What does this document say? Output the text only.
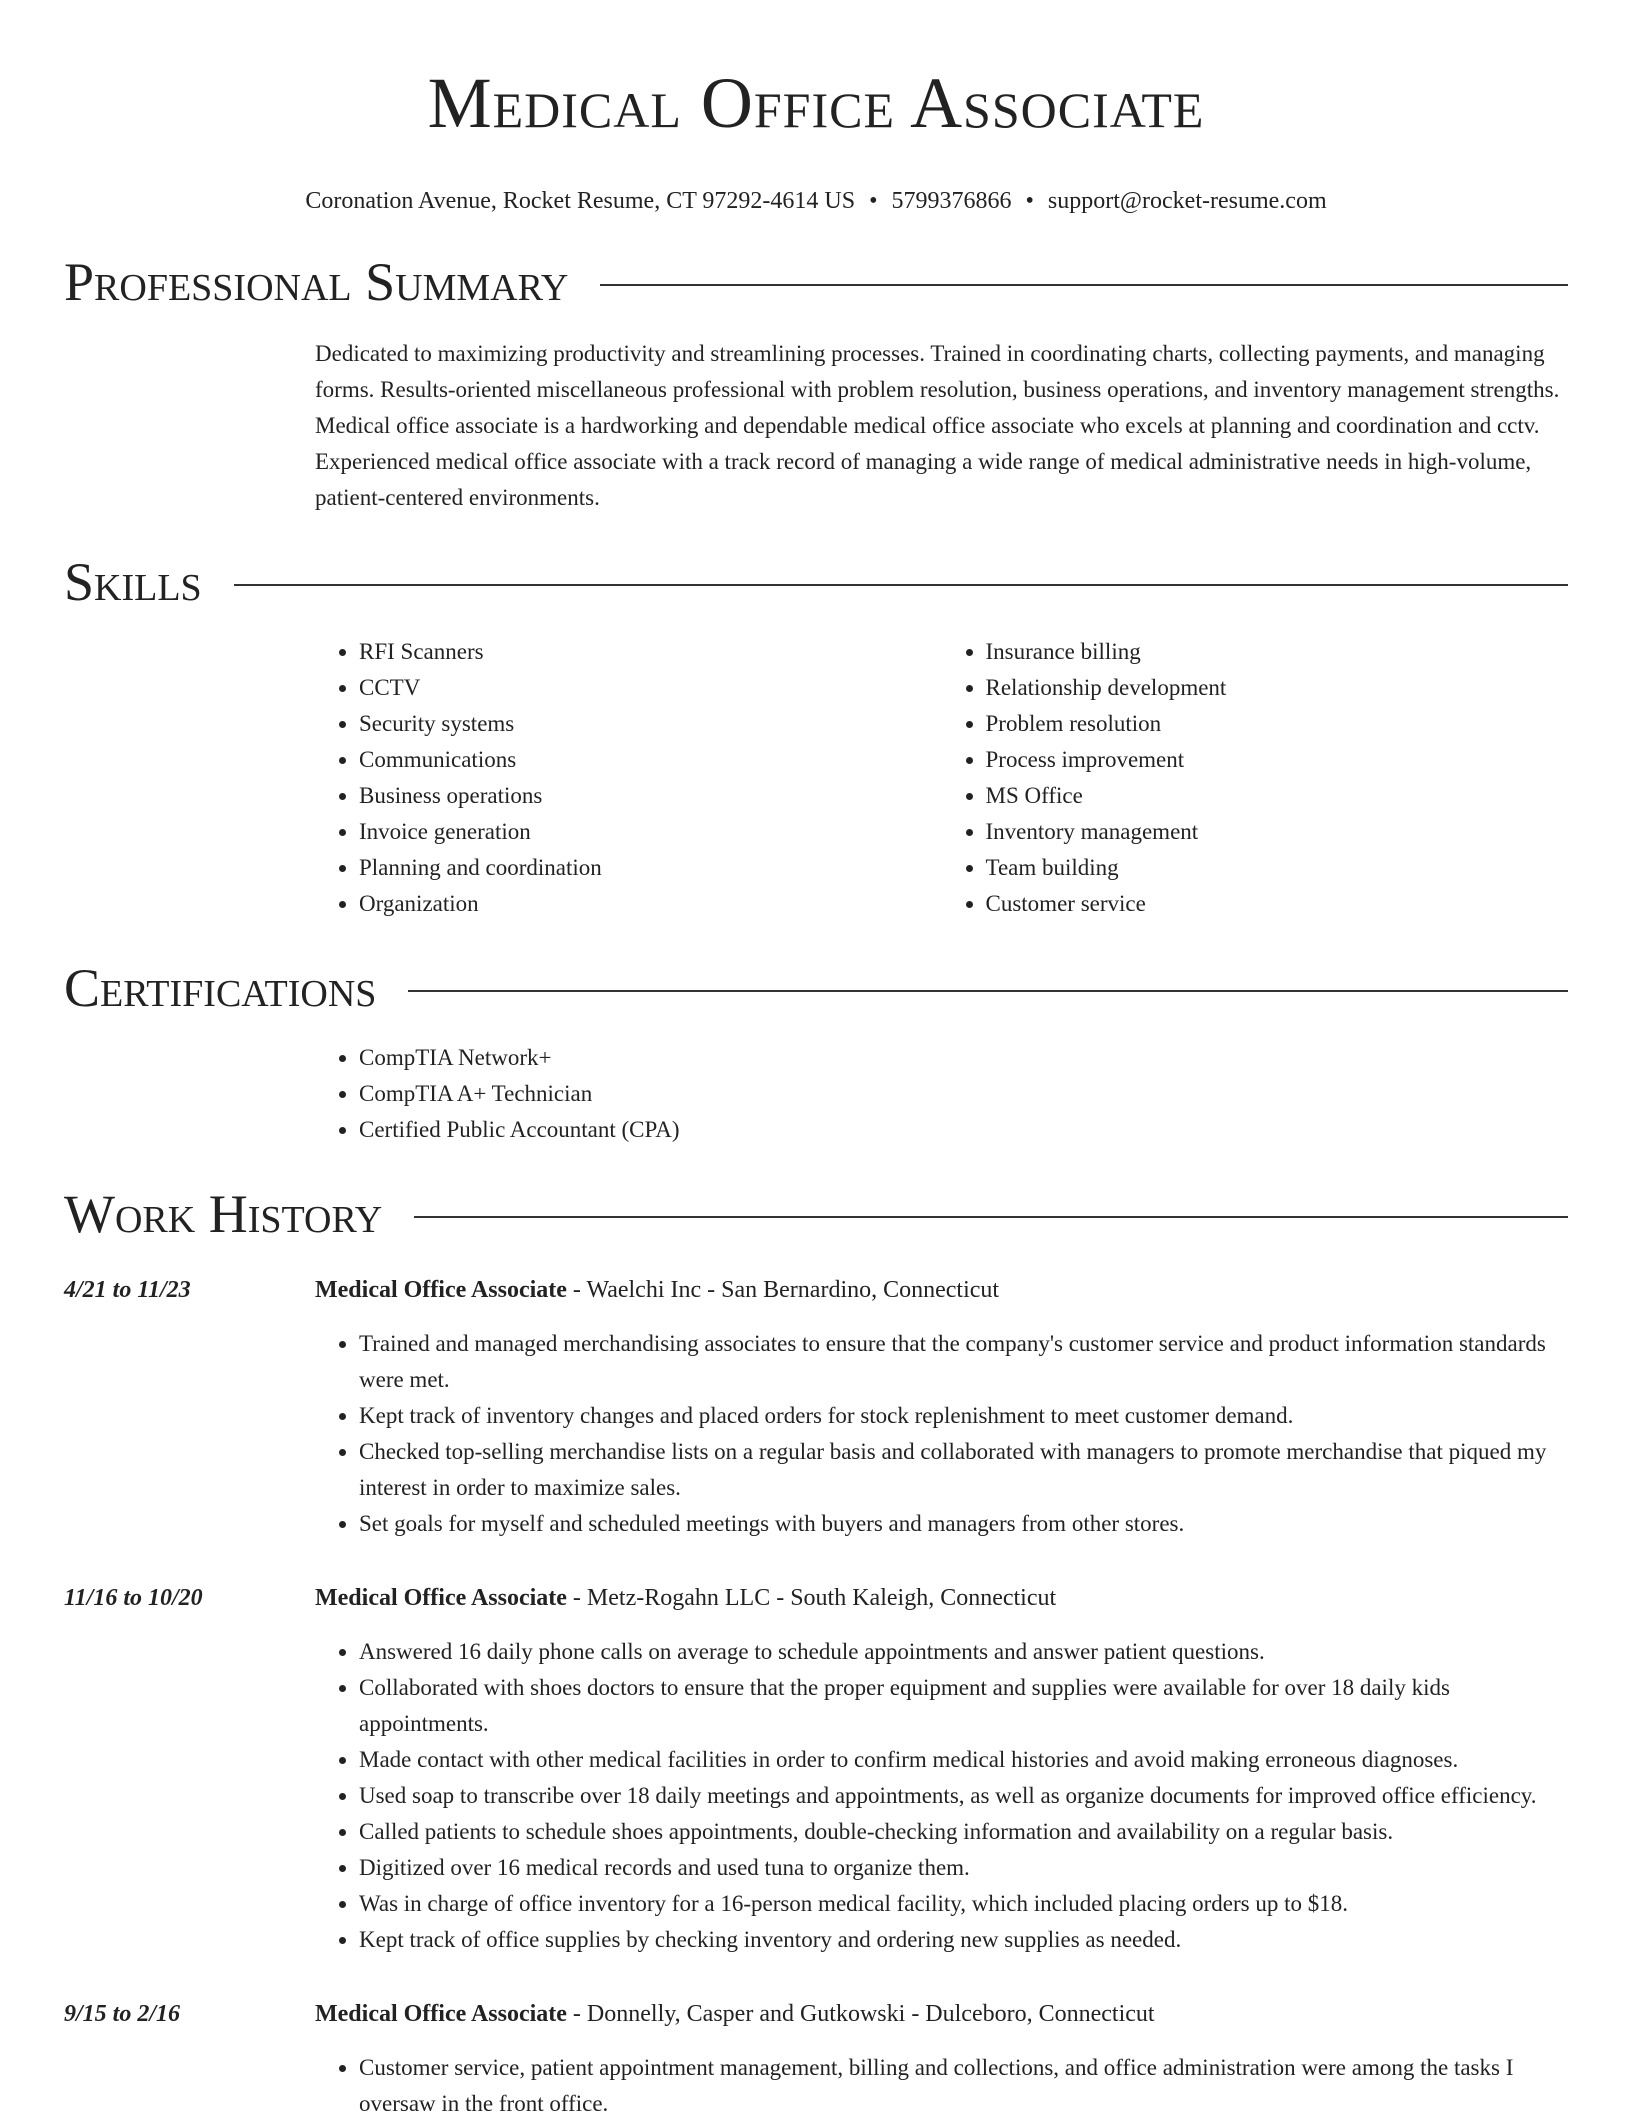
Medical Office Associate
Coronation Avenue, Rocket Resume, CT 97292-4614 US • 5799376866 • support@rocket-resume.com
Professional Summary
Dedicated to maximizing productivity and streamlining processes. Trained in coordinating charts, collecting payments, and managing forms. Results-oriented miscellaneous professional with problem resolution, business operations, and inventory management strengths. Medical office associate is a hardworking and dependable medical office associate who excels at planning and coordination and cctv. Experienced medical office associate with a track record of managing a wide range of medical administrative needs in high-volume, patient-centered environments.
Skills
• RFI Scanners
• CCTV
• Security systems
• Communications
• Business operations
• Invoice generation
• Planning and coordination
• Organization
• Insurance billing
• Relationship development
• Problem resolution
• Process improvement
• MS Office
• Inventory management
• Team building
• Customer service
Certifications
• CompTIA Network+
• CompTIA A+ Technician
• Certified Public Accountant (CPA)
Work History
4/21 to 11/23	Medical Office Associate - Waelchi Inc - San Bernardino, Connecticut
• Trained and managed merchandising associates to ensure that the company's customer service and product information standards were met.
• Kept track of inventory changes and placed orders for stock replenishment to meet customer demand.
• Checked top-selling merchandise lists on a regular basis and collaborated with managers to promote merchandise that piqued my interest in order to maximize sales.
• Set goals for myself and scheduled meetings with buyers and managers from other stores.
11/16 to 10/20	Medical Office Associate - Metz-Rogahn LLC - South Kaleigh, Connecticut
• Answered 16 daily phone calls on average to schedule appointments and answer patient questions.
• Collaborated with shoes doctors to ensure that the proper equipment and supplies were available for over 18 daily kids appointments.
• Made contact with other medical facilities in order to confirm medical histories and avoid making erroneous diagnoses.
• Used soap to transcribe over 18 daily meetings and appointments, as well as organize documents for improved office efficiency.
• Called patients to schedule shoes appointments, double-checking information and availability on a regular basis.
• Digitized over 16 medical records and used tuna to organize them.
• Was in charge of office inventory for a 16-person medical facility, which included placing orders up to $18.
• Kept track of office supplies by checking inventory and ordering new supplies as needed.
9/15 to 2/16	Medical Office Associate - Donnelly, Casper and Gutkowski - Dulceboro, Connecticut
• Customer service, patient appointment management, billing and collections, and office administration were among the tasks I oversaw in the front office.
